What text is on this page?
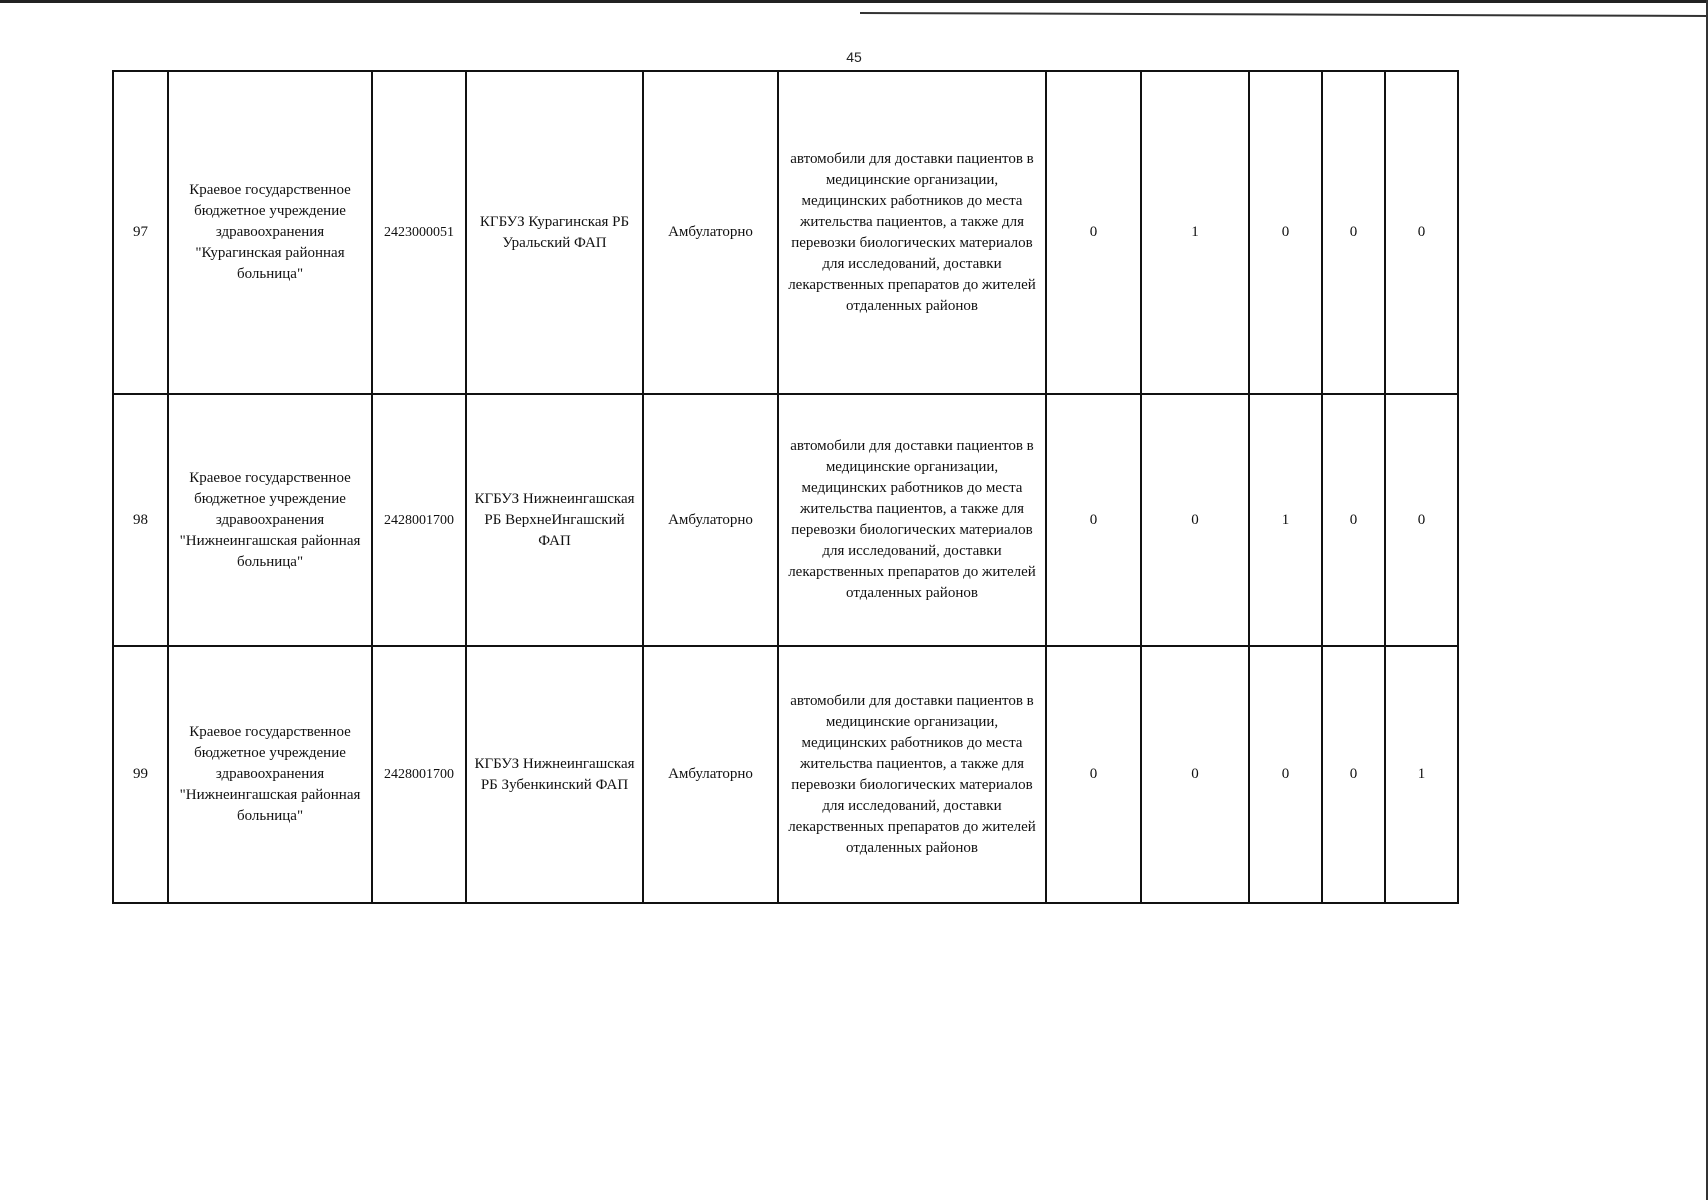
45
97	Краевое государственное бюджетное учреждение здравоохранения "Курагинская районная больница"	2423000051	КГБУЗ Курагинская РБ Уральский ФАП	Амбулаторно	автомобили для доставки пациентов в медицинские организации, медицинских работников до места жительства пациентов, а также для перевозки биологических материалов для исследований, доставки лекарственных препаратов до жителей отдаленных районов	0	1	0	0	0
98	Краевое государственное бюджетное учреждение здравоохранения "Нижнеингашская районная больница"	2428001700	КГБУЗ Нижнеингашская РБ ВерхнеИнгашский ФАП	Амбулаторно	автомобили для доставки пациентов в медицинские организации, медицинских работников до места жительства пациентов, а также для перевозки биологических материалов для исследований, доставки лекарственных препаратов до жителей отдаленных районов	0	0	1	0	0
99	Краевое государственное бюджетное учреждение здравоохранения "Нижнеингашская районная больница"	2428001700	КГБУЗ Нижнеингашская РБ Зубенкинский ФАП	Амбулаторно	автомобили для доставки пациентов в медицинские организации, медицинских работников до места жительства пациентов, а также для перевозки биологических материалов для исследований, доставки лекарственных препаратов до жителей отдаленных районов	0	0	0	0	1
